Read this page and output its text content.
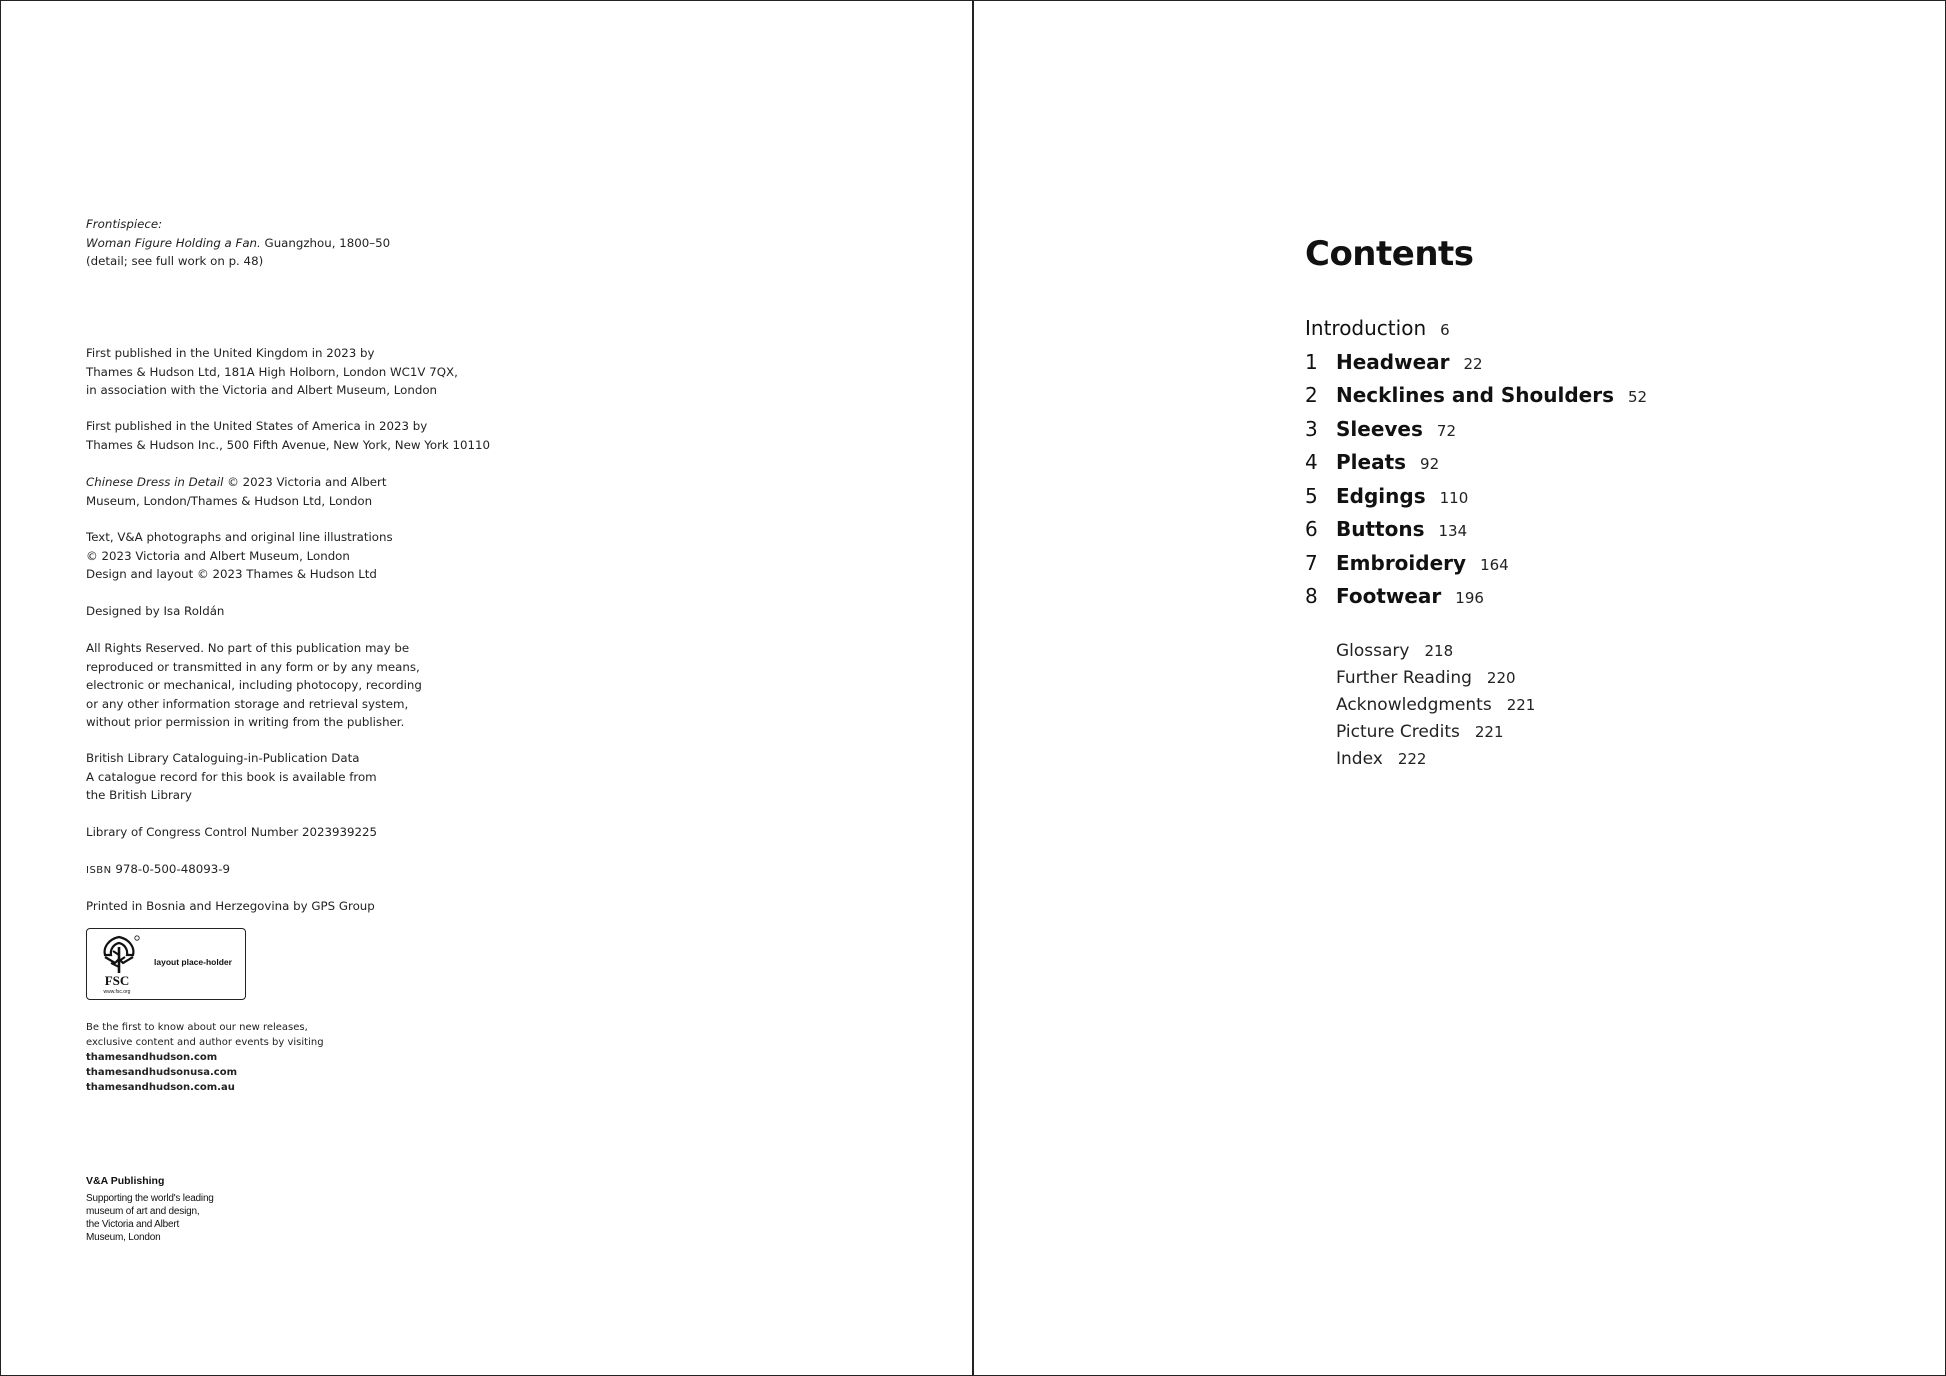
Frontispiece:
Woman Figure Holding a Fan. Guangzhou, 1800–50
(detail; see full work on p. 48)
First published in the United Kingdom in 2023 by
Thames & Hudson Ltd, 181A High Holborn, London WC1V 7QX,
in association with the Victoria and Albert Museum, London
First published in the United States of America in 2023 by
Thames & Hudson Inc., 500 Fifth Avenue, New York, New York 10110
Chinese Dress in Detail © 2023 Victoria and Albert
Museum, London/Thames & Hudson Ltd, London
Text, V&A photographs and original line illustrations
© 2023 Victoria and Albert Museum, London
Design and layout © 2023 Thames & Hudson Ltd
Designed by Isa Roldán
All Rights Reserved. No part of this publication may be
reproduced or transmitted in any form or by any means,
electronic or mechanical, including photocopy, recording
or any other information storage and retrieval system,
without prior permission in writing from the publisher.
British Library Cataloguing-in-Publication Data
A catalogue record for this book is available from
the British Library
Library of Congress Control Number 2023939225
ISBN 978-0-500-48093-9
Printed in Bosnia and Herzegovina by GPS Group
FSC
www.fsc.org
layout place-holder
Be the first to know about our new releases,
exclusive content and author events by visiting
thamesandhudson.com
thamesandhudsonusa.com
thamesandhudson.com.au
V&A Publishing
Supporting the world's leading
museum of art and design,
the Victoria and Albert
Museum, London
Contents
Introduction 6
1 Headwear 22
2 Necklines and Shoulders 52
3 Sleeves 72
4 Pleats 92
5 Edgings 110
6 Buttons 134
7 Embroidery 164
8 Footwear 196
Glossary 218
Further Reading 220
Acknowledgments 221
Picture Credits 221
Index 222
